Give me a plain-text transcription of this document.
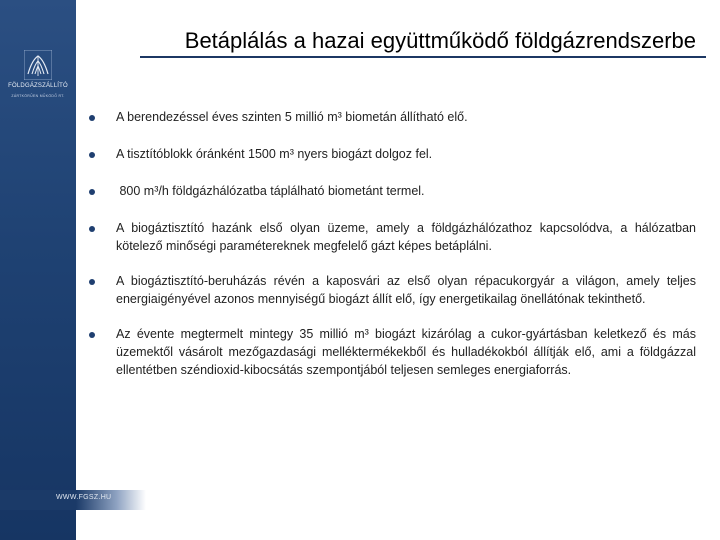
FÖLDGÁZSZÁLLÍTÓ
ZÁRTKÖRŰEN MŰKÖDŐ RT.
WWW.FGSZ.HU
Betáplálás a hazai együttműködő földgázrendszerbe

A berendezéssel éves szinten 5 millió m³ biometán állítható elő.

A tisztítóblokk óránként 1500 m³ nyers biogázt dolgoz fel.

800 m³/h földgázhálózatba táplálható biometánt termel.

A biogáztisztító hazánk első olyan üzeme, amely a földgázhálózathoz kapcsolódva, a hálózatban kötelező minőségi paramétereknek megfelelő gázt képes betáplálni.

A biogáztisztító-beruházás révén a kaposvári az első olyan répacukorgyár a világon, amely teljes energiaigényével azonos mennyiségű biogázt állít elő, így energetikailag önellátónak tekinthető.

Az évente megtermelt mintegy 35 millió m³ biogázt kizárólag a cukor-gyártásban keletkező és más üzemektől vásárolt mezőgazdasági melléktermékekből és hulladékokból állítják elő, ami a földgázzal ellentétben széndioxid-kibocsátás szempontjából teljesen semleges energiaforrás.
